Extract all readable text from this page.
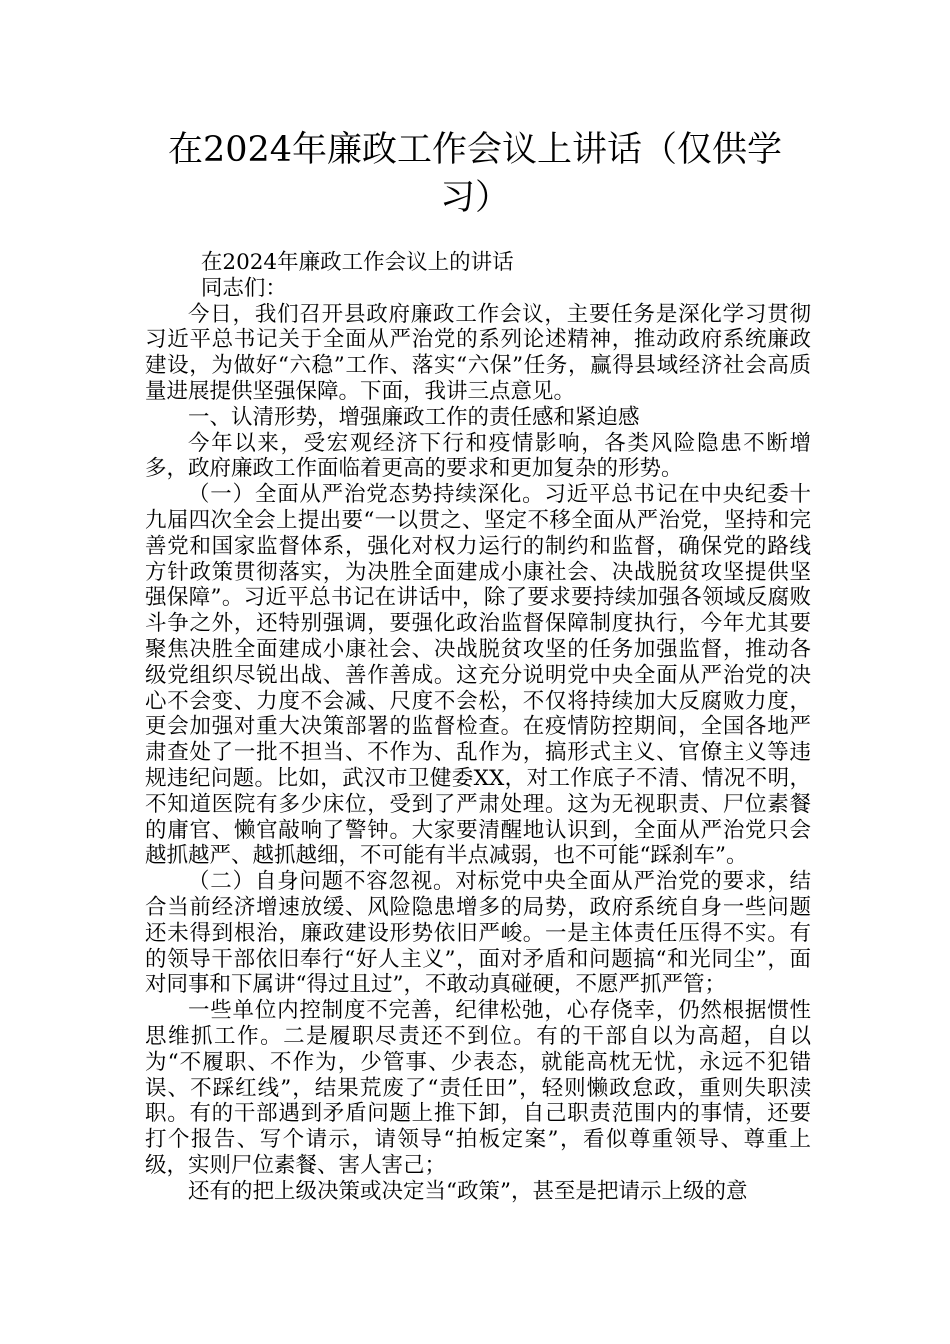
在2024年廉政工作会议上讲话（仅供学习）

在2024年廉政工作会议上的讲话

同志们：

今日，我们召开县政府廉政工作会议，主要任务是深化学习贯彻习近平总书记关于全面从严治党的系列论述精神，推动政府系统廉政建设，为做好“六稳”工作、落实“六保”任务，赢得县域经济社会高质量进展提供坚强保障。下面，我讲三点意见。

一、认清形势，增强廉政工作的责任感和紧迫感

今年以来，受宏观经济下行和疫情影响，各类风险隐患不断增多，政府廉政工作面临着更高的要求和更加复杂的形势。

（一）全面从严治党态势持续深化。习近平总书记在中央纪委十九届四次全会上提出要“一以贯之、坚定不移全面从严治党，坚持和完善党和国家监督体系，强化对权力运行的制约和监督，确保党的路线方针政策贯彻落实，为决胜全面建成小康社会、决战脱贫攻坚提供坚强保障”。习近平总书记在讲话中，除了要求要持续加强各领域反腐败斗争之外，还特别强调，要强化政治监督保障制度执行，今年尤其要聚焦决胜全面建成小康社会、决战脱贫攻坚的任务加强监督，推动各级党组织尽锐出战、善作善成。这充分说明党中央全面从严治党的决心不会变、力度不会减、尺度不会松，不仅将持续加大反腐败力度，更会加强对重大决策部署的监督检查。在疫情防控期间，全国各地严肃查处了一批不担当、不作为、乱作为，搞形式主义、官僚主义等违规违纪问题。比如，武汉市卫健委XX，对工作底子不清、情况不明，不知道医院有多少床位，受到了严肃处理。这为无视职责、尸位素餐的庸官、懒官敲响了警钟。大家要清醒地认识到，全面从严治党只会越抓越严、越抓越细，不可能有半点减弱，也不可能“踩刹车”。

（二）自身问题不容忽视。对标党中央全面从严治党的要求，结合当前经济增速放缓、风险隐患增多的局势，政府系统自身一些问题还未得到根治，廉政建设形势依旧严峻。一是主体责任压得不实。有的领导干部依旧奉行“好人主义”，面对矛盾和问题搞“和光同尘”，面对同事和下属讲“得过且过”，不敢动真碰硬，不愿严抓严管；

一些单位内控制度不完善，纪律松弛，心存侥幸，仍然根据惯性思维抓工作。二是履职尽责还不到位。有的干部自以为高超，自以为“不履职、不作为，少管事、少表态，就能高枕无忧，永远不犯错误、不踩红线”，结果荒废了“责任田”，轻则懒政怠政，重则失职渎职。有的干部遇到矛盾问题上推下卸，自己职责范围内的事情，还要打个报告、写个请示，请领导“拍板定案”，看似尊重领导、尊重上级，实则尸位素餐、害人害己；

还有的把上级决策或决定当“政策”，甚至是把请示上级的意
